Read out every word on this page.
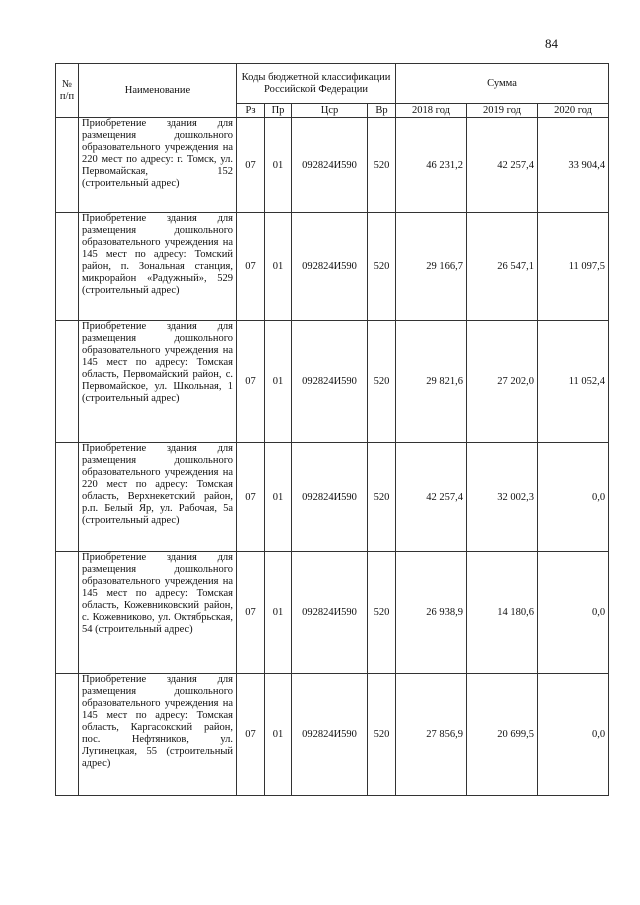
84
№ п/п	Наименование	Коды бюджетной классификации Российской Федерации				Сумма		
		Рз	Пр	Цср	Вр	2018 год	2019 год	2020 год
	Приобретение здания для размещения дошкольного образовательного учреждения на 220 мест по адресу: г. Томск, ул. Первомайская, 152 (строительный адрес)	07	01	092824И590	520	46 231,2	42 257,4	33 904,4
	Приобретение здания для размещения дошкольного образовательного учреждения на 145 мест по адресу: Томский район, п. Зональная станция, микрорайон «Радужный», 529 (строительный адрес)	07	01	092824И590	520	29 166,7	26 547,1	11 097,5
	Приобретение здания для размещения дошкольного образовательного учреждения на 145 мест по адресу: Томская область, Первомайский район, с. Первомайское, ул. Школьная, 1 (строительный адрес)	07	01	092824И590	520	29 821,6	27 202,0	11 052,4
	Приобретение здания для размещения дошкольного образовательного учреждения на 220 мест по адресу: Томская область, Верхнекетский район, р.п. Белый Яр, ул. Рабочая, 5а (строительный адрес)	07	01	092824И590	520	42 257,4	32 002,3	0,0
	Приобретение здания для размещения дошкольного образовательного учреждения на 145 мест по адресу: Томская область, Кожевниковский район, с. Кожевниково, ул. Октябрьская, 54 (строительный адрес)	07	01	092824И590	520	26 938,9	14 180,6	0,0
	Приобретение здания для размещения дошкольного образовательного учреждения на 145 мест по адресу: Томская область, Каргасокский район, пос. Нефтяников, ул. Лугинецкая, 55 (строительный адрес)	07	01	092824И590	520	27 856,9	20 699,5	0,0
